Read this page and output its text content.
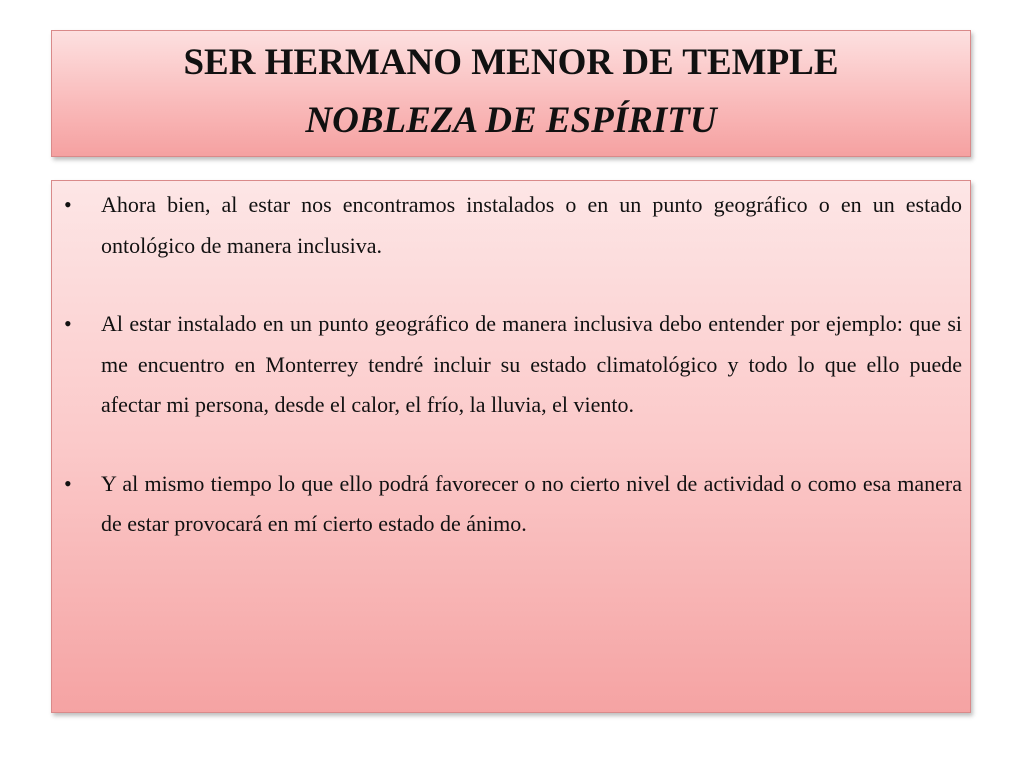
SER HERMANO MENOR DE TEMPLE
NOBLEZA DE ESPÍRITU
• Ahora bien, al estar nos encontramos instalados o en un punto geográfico o en un estado ontológico de manera inclusiva.
• Al estar instalado en un punto geográfico de manera inclusiva debo entender por ejemplo: que si me encuentro en Monterrey tendré incluir su estado climatológico y todo lo que ello puede afectar mi persona, desde el calor, el frío, la lluvia, el viento.
• Y al mismo tiempo lo que ello podrá favorecer o no cierto nivel de actividad o como esa manera de estar provocará en mí cierto estado de ánimo.
